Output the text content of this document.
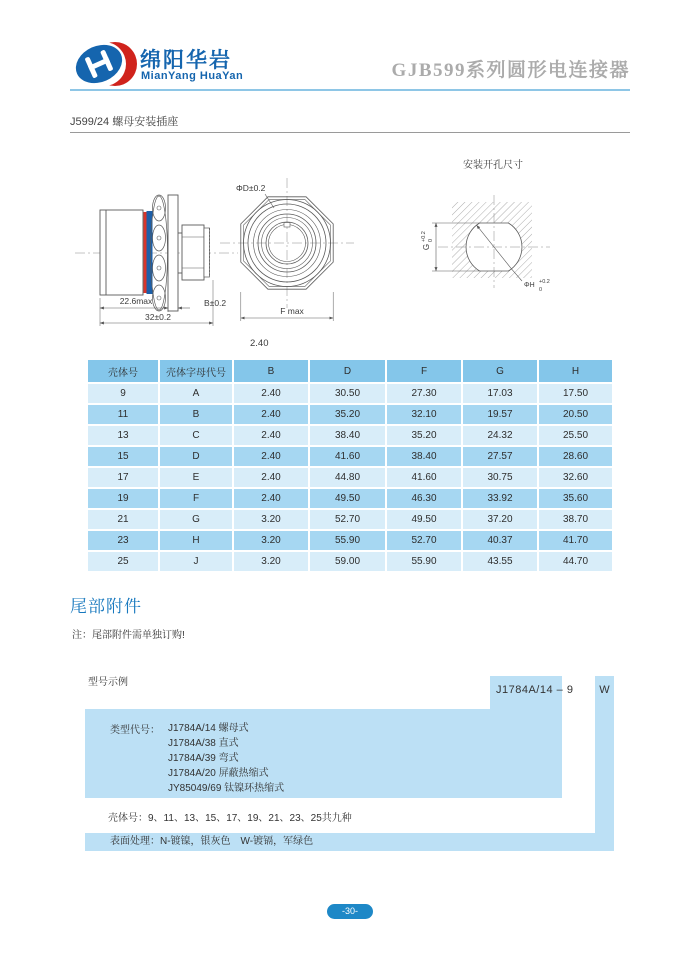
绵阳华岩
MianYang HuaYan	GJB599系列圆形电连接器
J599/24 螺母安装插座
22.6max
32±0.2
B±0.2
ΦD±0.2
F max
2.40
安装开孔尺寸
G
+0.2 0
ΦH +0.2
0
壳体号	壳体字母代号	B	D	F	G	H
9	A	2.40	30.50	27.30	17.03	17.50
11	B	2.40	35.20	32.10	19.57	20.50
13	C	2.40	38.40	35.20	24.32	25.50
15	D	2.40	41.60	38.40	27.57	28.60
17	E	2.40	44.80	41.60	30.75	32.60
19	F	2.40	49.50	46.30	33.92	35.60
21	G	3.20	52.70	49.50	37.20	38.70
23	H	3.20	55.90	52.70	40.37	41.70
25	J	3.20	59.00	55.90	43.55	44.70
尾部附件
注：尾部附件需单独订购!
型号示例
J1784A/14 – 9	W
类型代号： J1784A/14 螺母式
J1784A/38 直式
J1784A/39 弯式
J1784A/20 屏蔽热缩式
JY85049/69 钛镍环热缩式
壳体号：9、11、13、15、17、19、21、23、25共九种
表面处理：N-镀镍，银灰色　W-镀镉，军绿色
-30-
